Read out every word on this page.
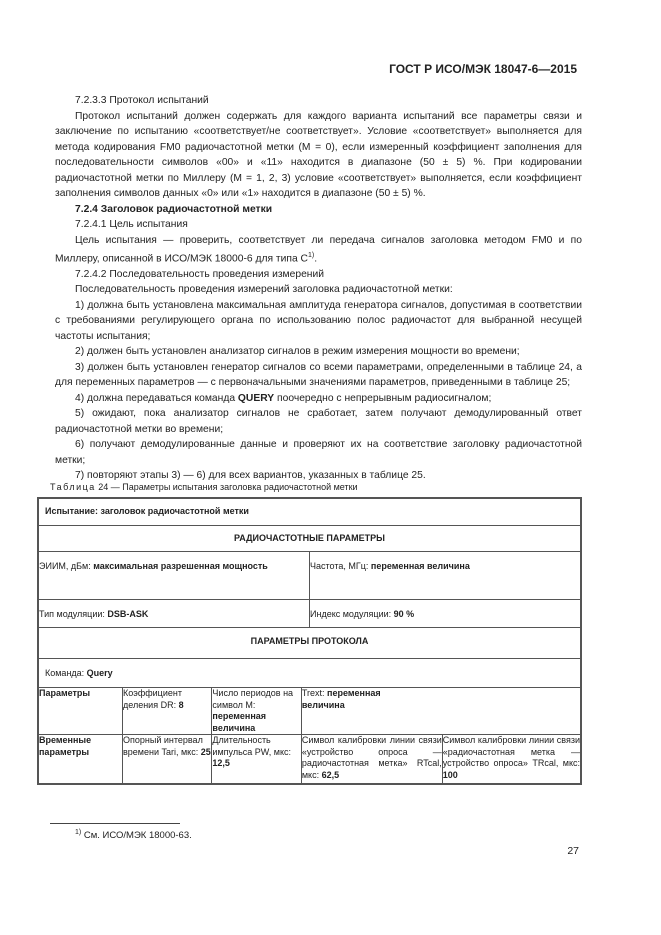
ГОСТ Р ИСО/МЭК 18047-6—2015

7.2.3.3 Протокол испытаний

Протокол испытаний должен содержать для каждого варианта испытаний все параметры связи и заключение по испытанию «соответствует/не соответствует». Условие «соответствует» выполняется для метода кодирования FM0 радиочастотной метки (М = 0), если измеренный коэффициент заполнения для последовательности символов «00» и «11» находится в диапазоне (50 ± 5) %. При кодировании радиочастотной метки по Миллеру (М = 1, 2, 3) условие «соответствует» выполняется, если коэффициент заполнения символов данных «0» или «1» находится в диапазоне (50 ± 5) %.

7.2.4 Заголовок радиочастотной метки

7.2.4.1 Цель испытания

Цель испытания — проверить, соответствует ли передача сигналов заголовка методом FM0 и по Миллеру, описанной в ИСО/МЭК 18000-6 для типа $С^{1)}$.

7.2.4.2 Последовательность проведения измерений

Последовательность проведения измерений заголовка радиочастотной метки:

1) должна быть установлена максимальная амплитуда генератора сигналов, допустимая в соответствии с требованиями регулирующего органа по использованию полос радиочастот для выбранной несущей частоты испытания;

2) должен быть установлен анализатор сигналов в режим измерения мощности во времени;

3) должен быть установлен генератор сигналов со всеми параметрами, определенными в таблице 24, а для переменных параметров — с первоначальными значениями параметров, приведенными в таблице 25;

4) должна передаваться команда QUERY поочередно с непрерывным радиосигналом;

5) ожидают, пока анализатор сигналов не сработает, затем получают демодулированный ответ радиочастотной метки во времени;

6) получают демодулированные данные и проверяют их на соответствие заголовку радиочастотной метки;

7) повторяют этапы 3) — 6) для всех вариантов, указанных в таблице 25.

Таблица 24 — Параметры испытания заголовка радиочастотной метки
Испытание: заголовок радиочастотной метки
РАДИОЧАСТОТНЫЕ ПАРАМЕТРЫ
ЭИИМ, дБм: максимальная разрешенная мощность	Частота, МГц: переменная величина
Тип модуляции: DSB-ASK	Индекс модуляции: 90 %
ПАРАМЕТРЫ ПРОТОКОЛА
Команда: Query
Параметры	Коэффициент деления DR: 8	Число периодов на символ М: переменная величина	Trext: переменная величина
Временные параметры	Опорный интервал времени Tari, мкс: 25	Длительность импульса PW, мкс: 12,5	Символ калибровки линии связи «устройство опроса — радиочастотная метка» RTcal, мкс: 62,5	Символ калибровки линии связи «радиочастотная метка — устройство опроса» TRcal, мкс: 100
$^{1)}$ См. ИСО/МЭК 18000-63.
27
